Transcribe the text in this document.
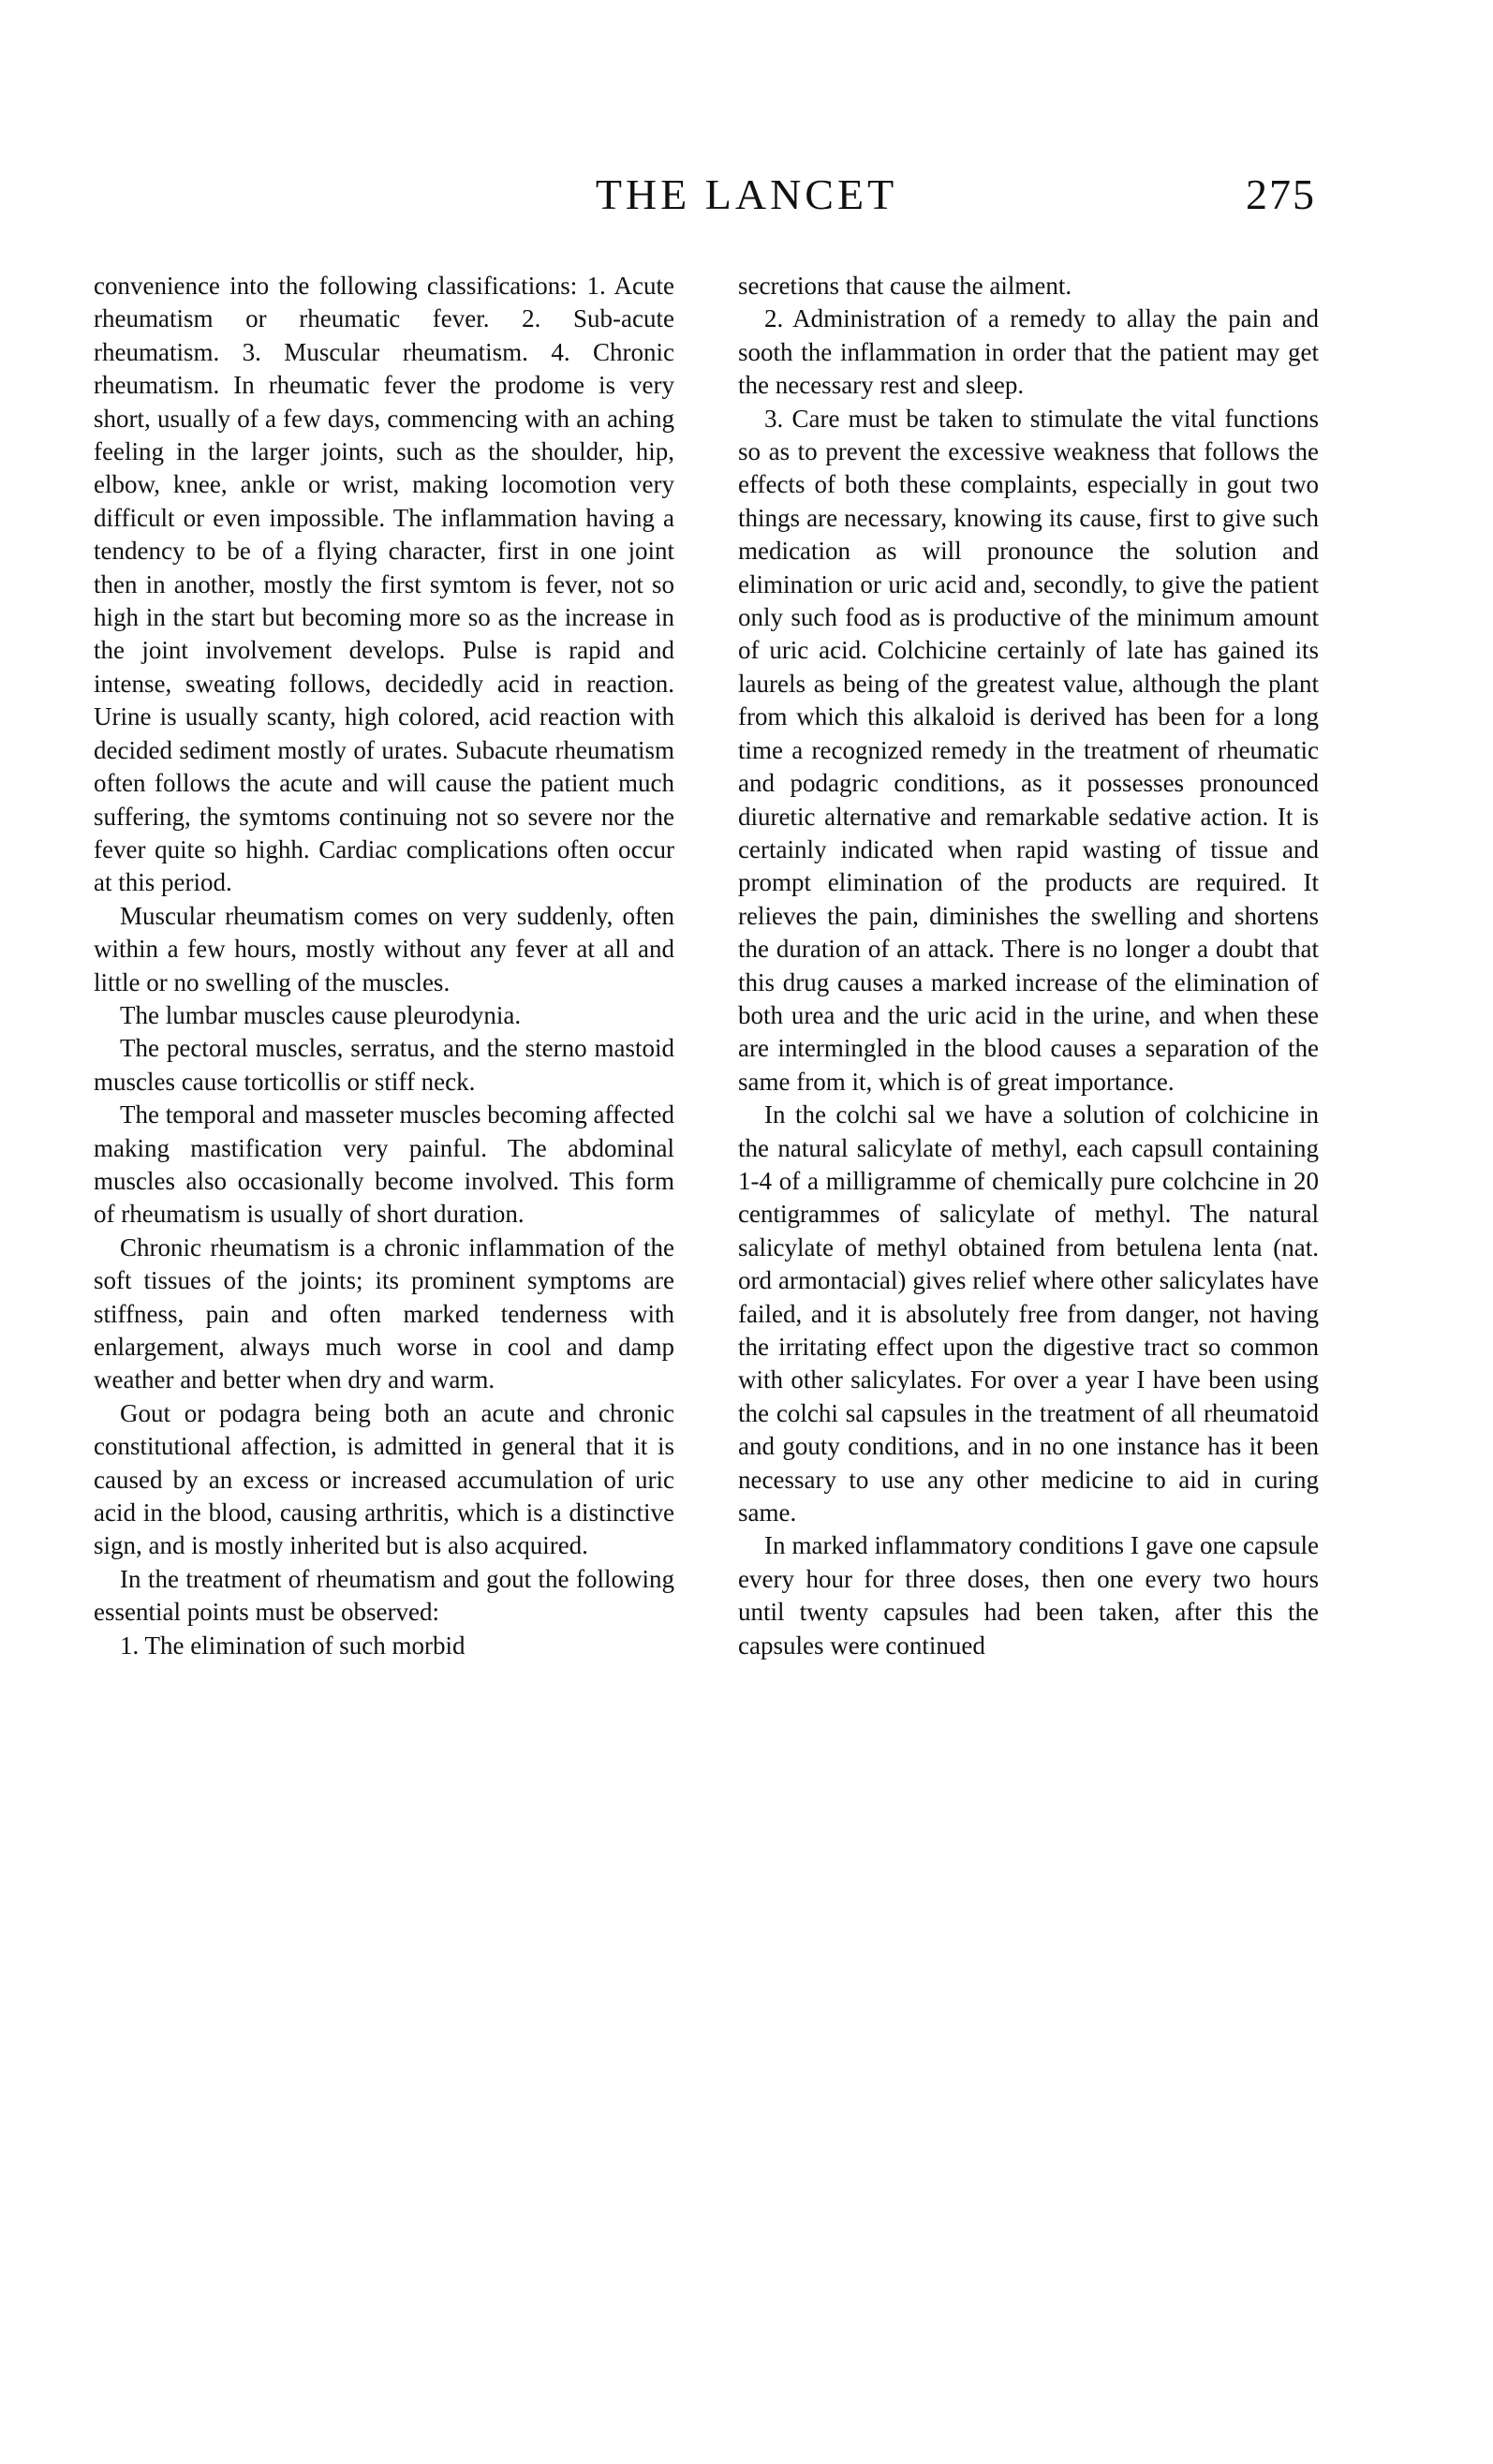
THE LANCET	275

convenience into the following classifications: 1. Acute rheumatism or rheumatic fever. 2. Sub-acute rheumatism. 3. Muscular rheumatism. 4. Chronic rheumatism. In rheumatic fever the prodome is very short, usually of a few days, commencing with an aching feeling in the larger joints, such as the shoulder, hip, elbow, knee, ankle or wrist, making locomotion very difficult or even impossible. The inflammation having a tendency to be of a flying character, first in one joint then in another, mostly the first symtom is fever, not so high in the start but becoming more so as the increase in the joint involvement develops. Pulse is rapid and intense, sweating follows, decidedly acid in reaction. Urine is usually scanty, high colored, acid reaction with decided sediment mostly of urates. Subacute rheumatism often follows the acute and will cause the patient much suffering, the symtoms continuing not so severe nor the fever quite so highh. Cardiac complications often occur at this period.

Muscular rheumatism comes on very suddenly, often within a few hours, mostly without any fever at all and little or no swelling of the muscles.

The lumbar muscles cause pleurodynia.

The pectoral muscles, serratus, and the sterno mastoid muscles cause torticollis or stiff neck.

The temporal and masseter muscles becoming affected making mastification very painful. The abdominal muscles also occasionally become involved. This form of rheumatism is usually of short duration.

Chronic rheumatism is a chronic inflammation of the soft tissues of the joints; its prominent symptoms are stiffness, pain and often marked tenderness with enlargement, always much worse in cool and damp weather and better when dry and warm.

Gout or podagra being both an acute and chronic constitutional affection, is admitted in general that it is caused by an excess or increased accumulation of uric acid in the blood, causing arthritis, which is a distinctive sign, and is mostly inherited but is also acquired.

In the treatment of rheumatism and gout the following essential points must be observed:

1. The elimination of such morbid

secretions that cause the ailment.

2. Administration of a remedy to allay the pain and sooth the inflammation in order that the patient may get the necessary rest and sleep.

3. Care must be taken to stimulate the vital functions so as to prevent the excessive weakness that follows the effects of both these complaints, especially in gout two things are necessary, knowing its cause, first to give such medication as will pronounce the solution and elimination or uric acid and, secondly, to give the patient only such food as is productive of the minimum amount of uric acid. Colchicine certainly of late has gained its laurels as being of the greatest value, although the plant from which this alkaloid is derived has been for a long time a recognized remedy in the treatment of rheumatic and podagric conditions, as it possesses pronounced diuretic alternative and remarkable sedative action. It is certainly indicated when rapid wasting of tissue and prompt elimination of the products are required. It relieves the pain, diminishes the swelling and shortens the duration of an attack. There is no longer a doubt that this drug causes a marked increase of the elimination of both urea and the uric acid in the urine, and when these are intermingled in the blood causes a separation of the same from it, which is of great importance.

In the colchi sal we have a solution of colchicine in the natural salicylate of methyl, each capsull containing 1-4 of a milligramme of chemically pure colchcine in 20 centigrammes of salicylate of methyl. The natural salicylate of methyl obtained from betulena lenta (nat. ord armontacial) gives relief where other salicylates have failed, and it is absolutely free from danger, not having the irritating effect upon the digestive tract so common with other salicylates. For over a year I have been using the colchi sal capsules in the treatment of all rheumatoid and gouty conditions, and in no one instance has it been necessary to use any other medicine to aid in curing same.

In marked inflammatory conditions I gave one capsule every hour for three doses, then one every two hours until twenty capsules had been taken, after this the capsules were continued
